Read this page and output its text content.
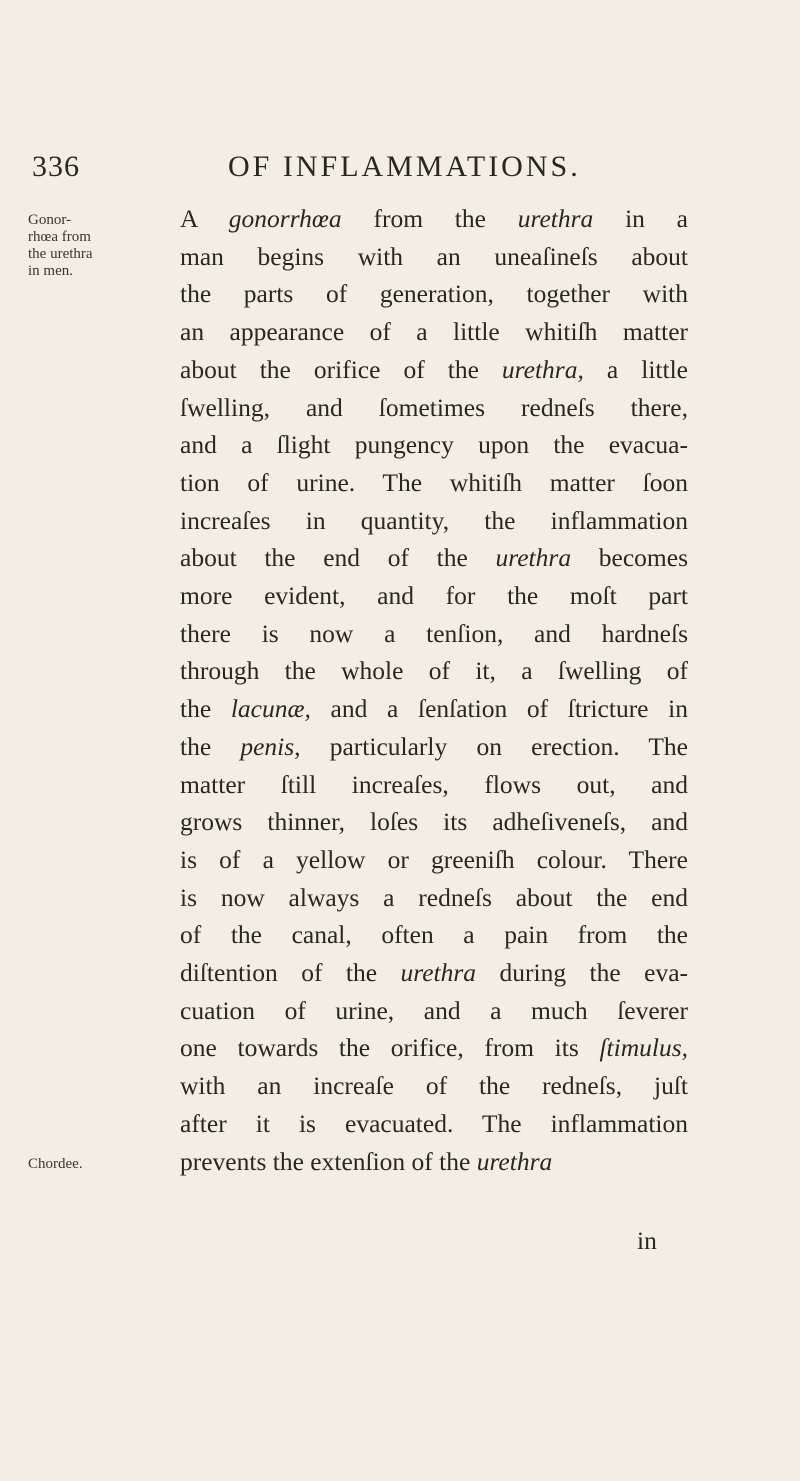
336	OF INFLAMMATIONS.
Gonor-
rhœa from
the urethra
in men.
Chordee.
A gonorrhœa from the urethra in a
man begins with an uneaſineſs about
the parts of generation, together with
an appearance of a little whitiſh matter
about the orifice of the urethra, a little
ſwelling, and ſometimes redneſs there,
and a ſlight pungency upon the evacua-
tion of urine. The whitiſh matter ſoon
increaſes in quantity, the inflammation
about the end of the urethra becomes
more evident, and for the moſt part
there is now a tenſion, and hardneſs
through the whole of it, a ſwelling of
the lacunæ, and a ſenſation of ſtricture in
the penis, particularly on erection. The
matter ſtill increaſes, flows out, and
grows thinner, loſes its adheſiveneſs, and
is of a yellow or greeniſh colour. There
is now always a redneſs about the end
of the canal, often a pain from the
diſtention of the urethra during the eva-
cuation of urine, and a much ſeverer
one towards the orifice, from its ſtimulus,
with an increaſe of the redneſs, juſt
after it is evacuated. The inflammation
prevents the extenſion of the urethra
in
